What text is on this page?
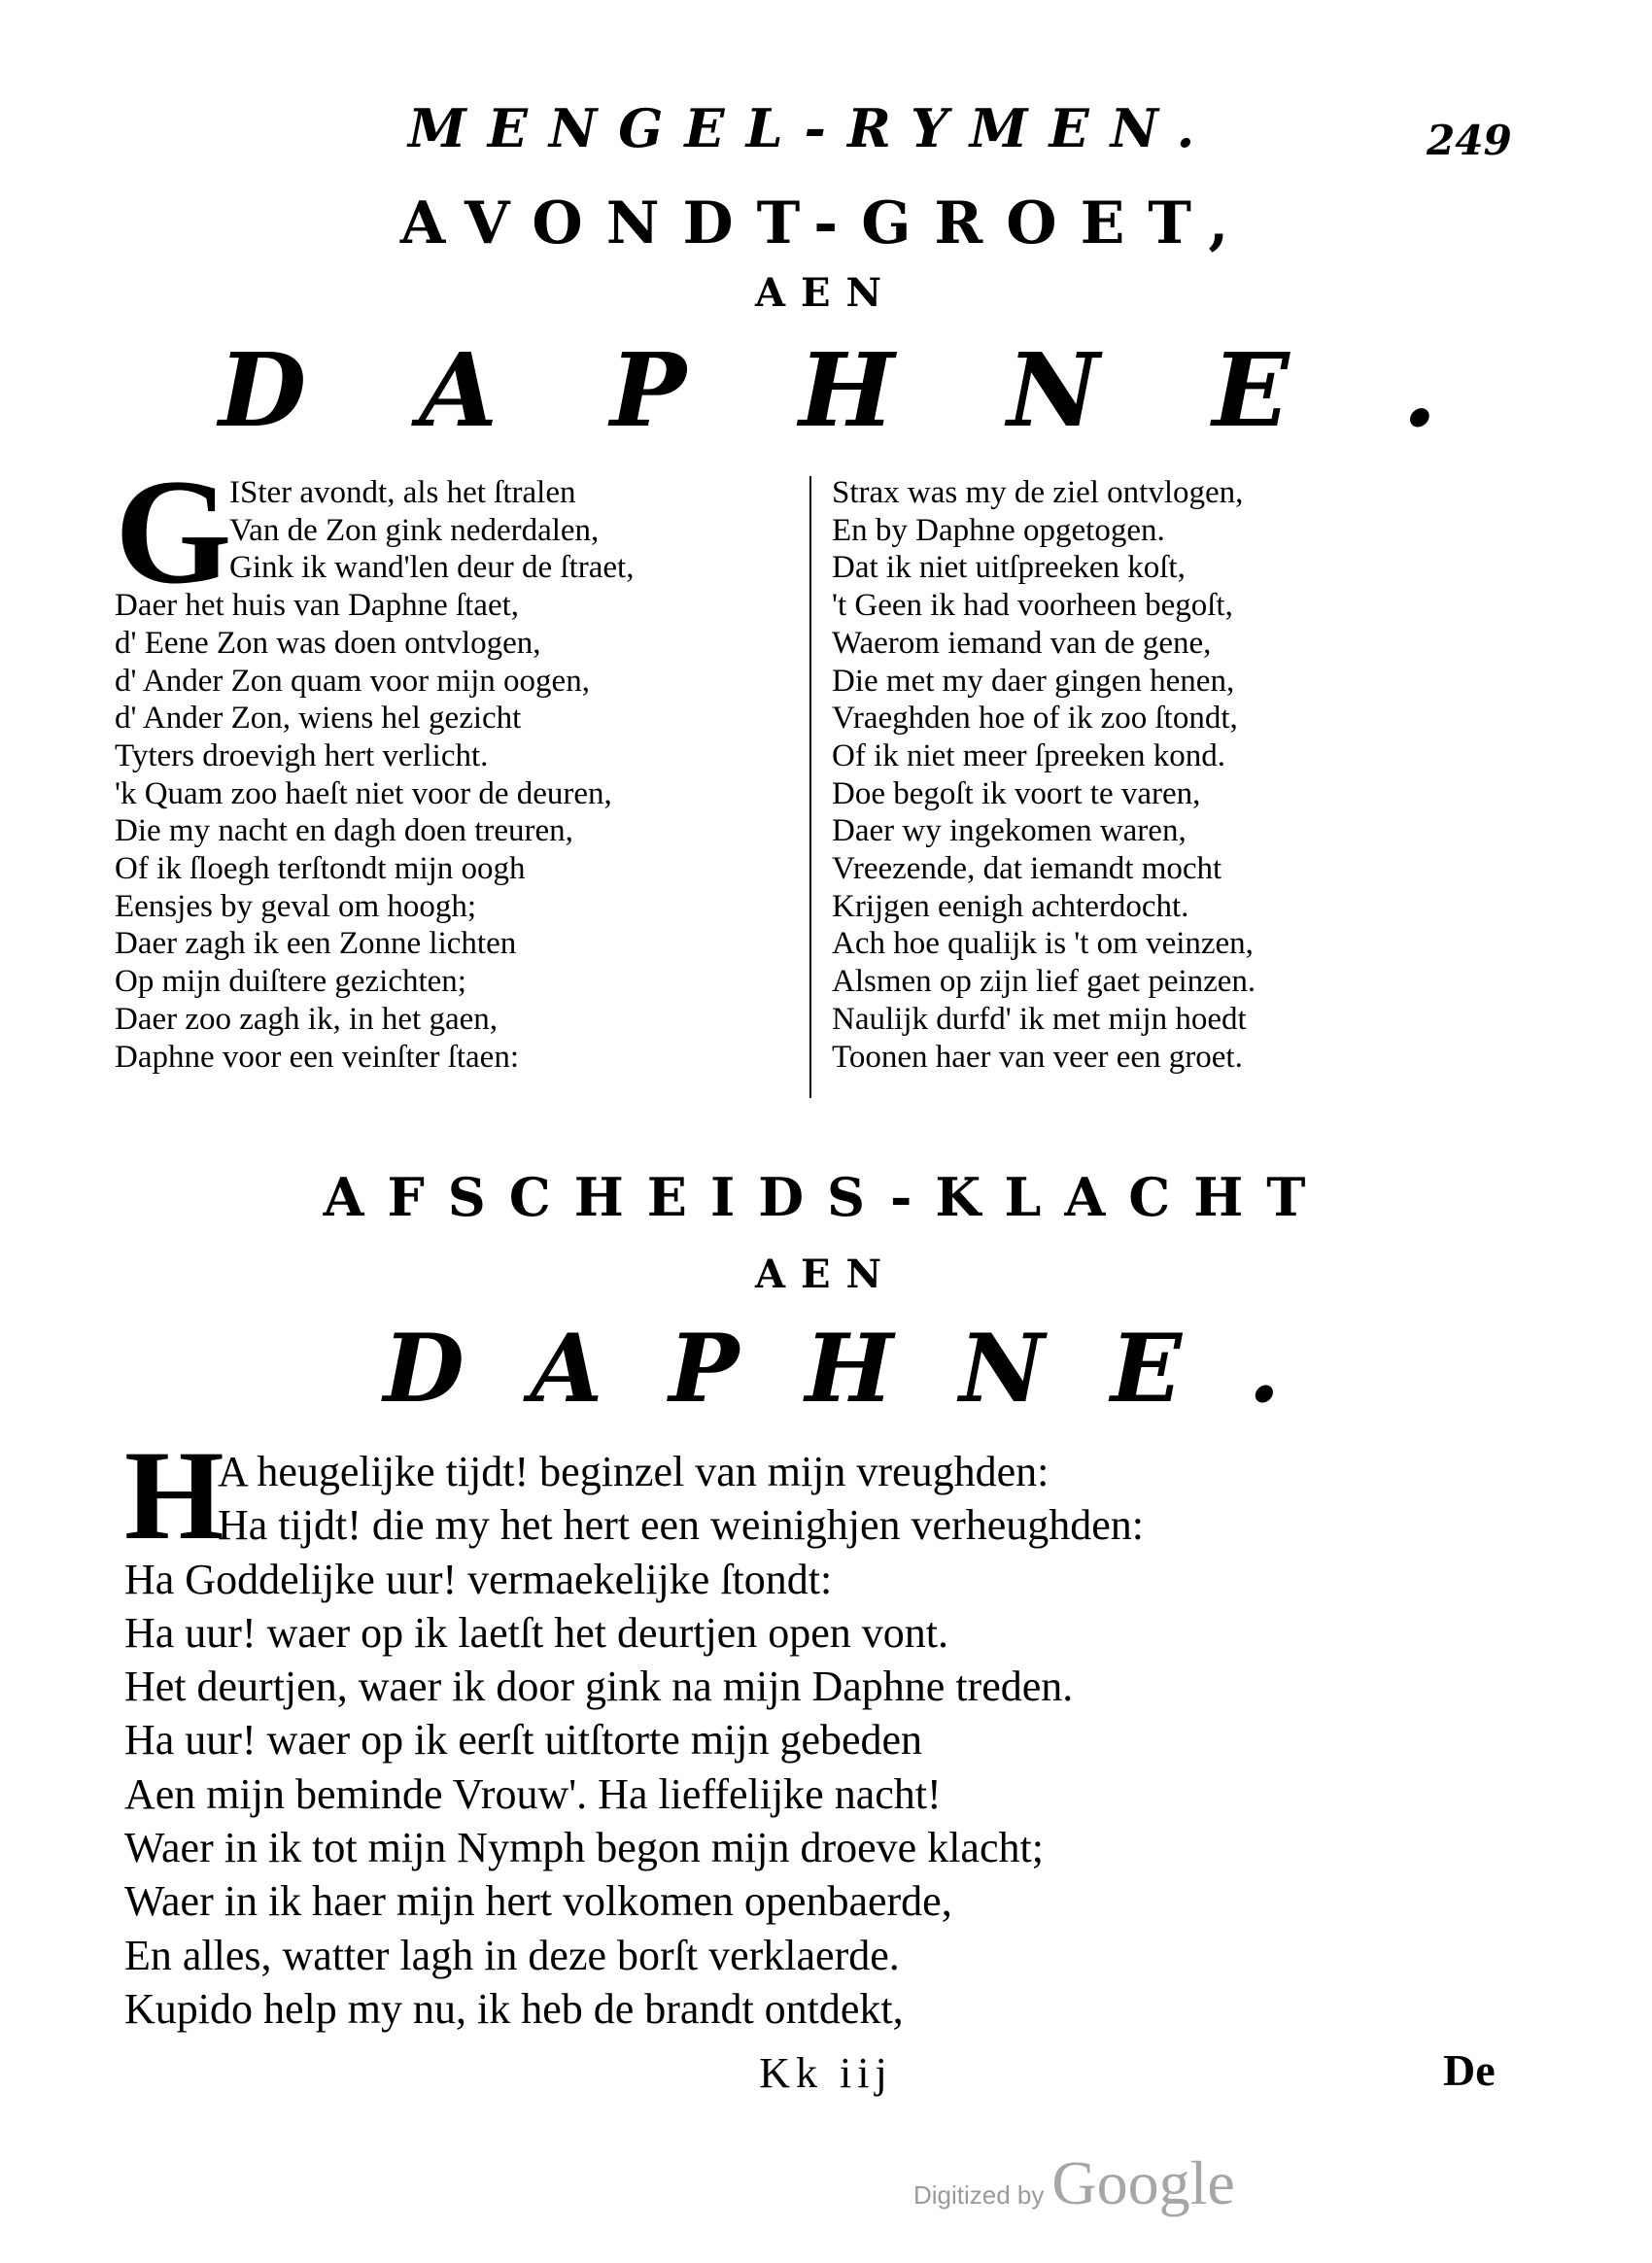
MENGEL-RYMEN.	249
AVONDT-GROET,
AEN
DAPHNE.
G
ISter avondt, als het ſtralen
Van de Zon gink nederdalen,
Gink ik wand'len deur de ſtraet,
Daer het huis van Daphne ſtaet,
d' Eene Zon was doen ontvlogen,
d' Ander Zon quam voor mijn oogen,
d' Ander Zon, wiens hel gezicht
Tyters droevigh hert verlicht.
'k Quam zoo haeſt niet voor de deuren,
Die my nacht en dagh doen treuren,
Of ik ſloegh terſtondt mijn oogh
Eensjes by geval om hoogh;
Daer zagh ik een Zonne lichten
Op mijn duiſtere gezichten;
Daer zoo zagh ik, in het gaen,
Daphne voor een veinſter ſtaen:
Strax was my de ziel ontvlogen,
En by Daphne opgetogen.
Dat ik niet uitſpreeken koſt,
't Geen ik had voorheen begoſt,
Waerom iemand van de gene,
Die met my daer gingen henen,
Vraeghden hoe of ik zoo ſtondt,
Of ik niet meer ſpreeken kond.
Doe begoſt ik voort te varen,
Daer wy ingekomen waren,
Vreezende, dat iemandt mocht
Krijgen eenigh achterdocht.
Ach hoe qualijk is 't om veinzen,
Alsmen op zijn lief gaet peinzen.
Naulijk durfd' ik met mijn hoedt
Toonen haer van veer een groet.
AFSCHEIDS-KLACHT
AEN
DAPHNE.
H
A heugelijke tijdt! beginzel van mijn vreughden:
Ha tijdt! die my het hert een weinighjen verheughden:
Ha Goddelijke uur! vermaekelijke ſtondt:
Ha uur! waer op ik laetſt het deurtjen open vont.
Het deurtjen, waer ik door gink na mijn Daphne treden.
Ha uur! waer op ik eerſt uitſtorte mijn gebeden
Aen mijn beminde Vrouw'. Ha lieffelijke nacht!
Waer in ik tot mijn Nymph begon mijn droeve klacht;
Waer in ik haer mijn hert volkomen openbaerde,
En alles, watter lagh in deze borſt verklaerde.
Kupido help my nu, ik heb de brandt ontdekt,
Kk iij	De
Digitized by Google
